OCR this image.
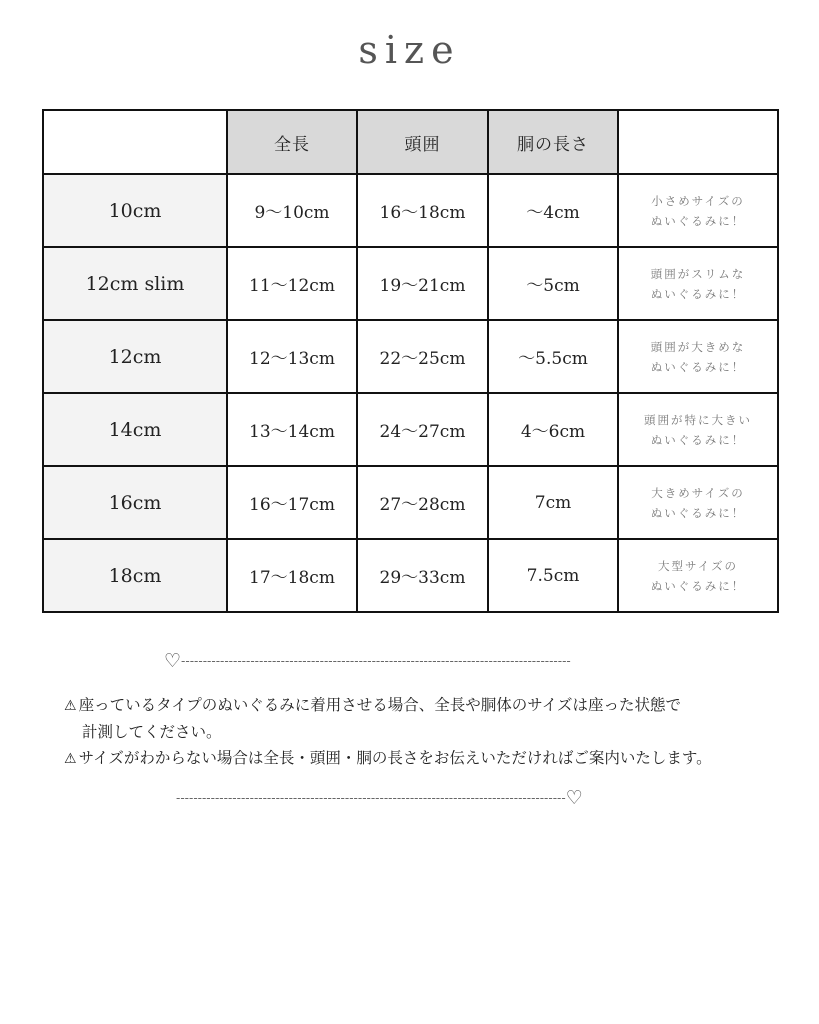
size
	全長	頭囲	胴の長さ	
10cm	9～10cm	16～18cm	～4cm	小さめサイズの
ぬいぐるみに！

12cm slim	11～12cm	19～21cm	～5cm	頭囲がスリムな
ぬいぐるみに！

12cm	12～13cm	22～25cm	～5.5cm	頭囲が大きめな
ぬいぐるみに！

14cm	13～14cm	24～27cm	4～6cm	頭囲が特に大きい
ぬいぐるみに！

16cm	16～17cm	27～28cm	7cm	大きめサイズの
ぬいぐるみに！

18cm	17～18cm	29～33cm	7.5cm	大型サイズの
ぬいぐるみに！
♡------------------------------------------------------------------------------------------
⚠ 座っているタイプのぬいぐるみに着用させる場合、全長や胴体のサイズは座った状態で
計測してください。
⚠ サイズがわからない場合は全長・頭囲・胴の長さをお伝えいただければご案内いたします。
------------------------------------------------------------------------------------------♡
